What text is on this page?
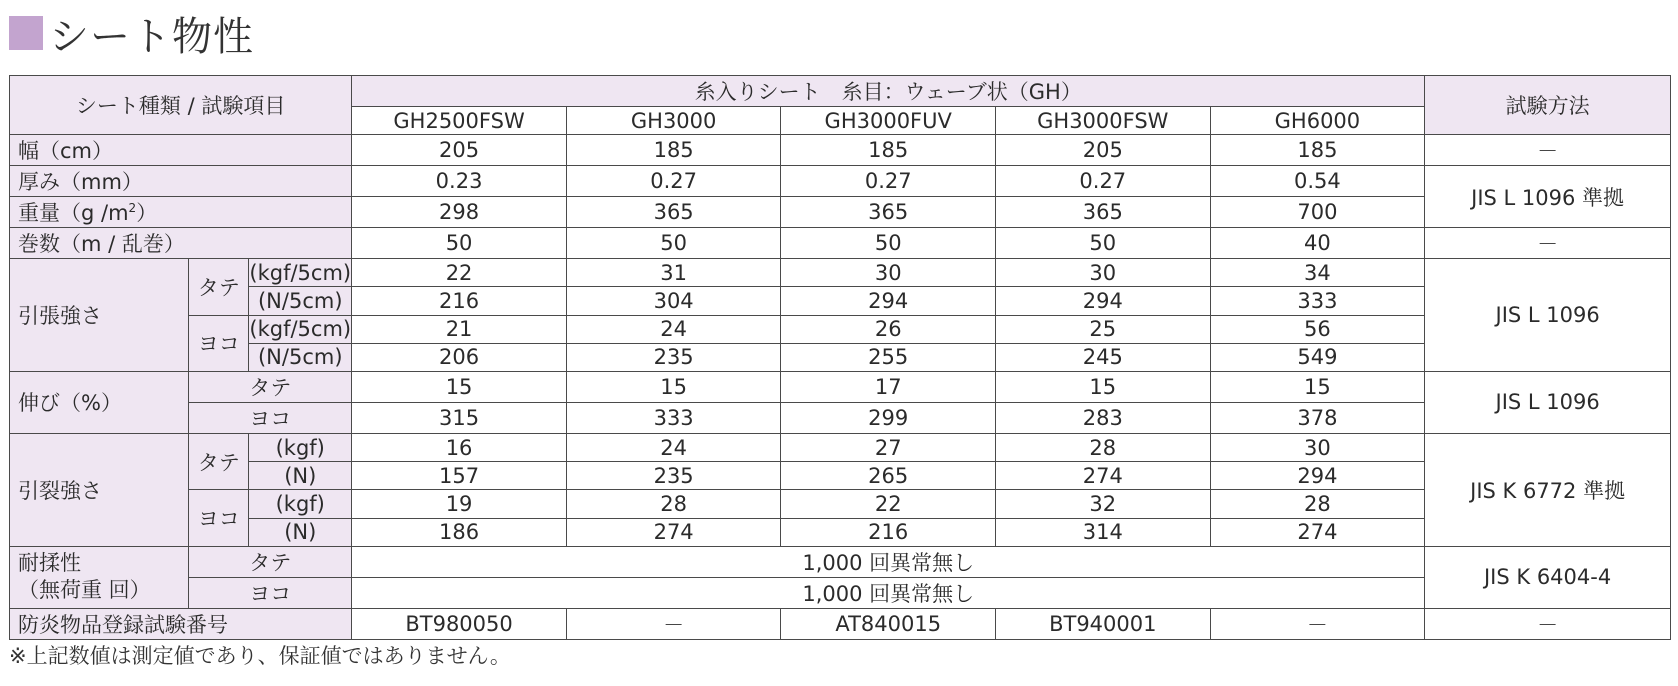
シート物性
シート種類 / 試験項目			糸入りシート　糸目：ウェーブ状（GH）					試験方法
			GH2500FSW	GH3000	GH3000FUV	GH3000FSW	GH6000	
幅（cm）			205	185	185	205	185	－
厚み（mm）			0.23	0.27	0.27	0.27	0.54	JIS L 1096 準拠
重量（g $/m^2$）			298	365	365	365	700	
巻数（m / 乱巻）			50	50	50	50	40	－
引張強さ	タテ	(kgf/5cm)	22	31	30	30	34	JIS L 1096
		(N/5cm)	216	304	294	294	333	
	ヨコ	(kgf/5cm)	21	24	26	25	56	
		(N/5cm)	206	235	255	245	549	
伸び（%）	タテ		15	15	17	15	15	JIS L 1096
	ヨコ		315	333	299	283	378	
引裂強さ	タテ	(kgf)	16	24	27	28	30	JIS K 6772 準拠
		(N)	157	235	265	274	294	
	ヨコ	(kgf)	19	28	22	32	28	
		(N)	186	274	216	314	274	

耐揉性
（無荷重 回）	タテ		1,000 回異常無し					JIS K 6404-4
	ヨコ		1,000 回異常無し					
防炎物品登録試験番号			BT980050	－	AT840015	BT940001	－	－
※上記数値は測定値であり、保証値ではありません。
